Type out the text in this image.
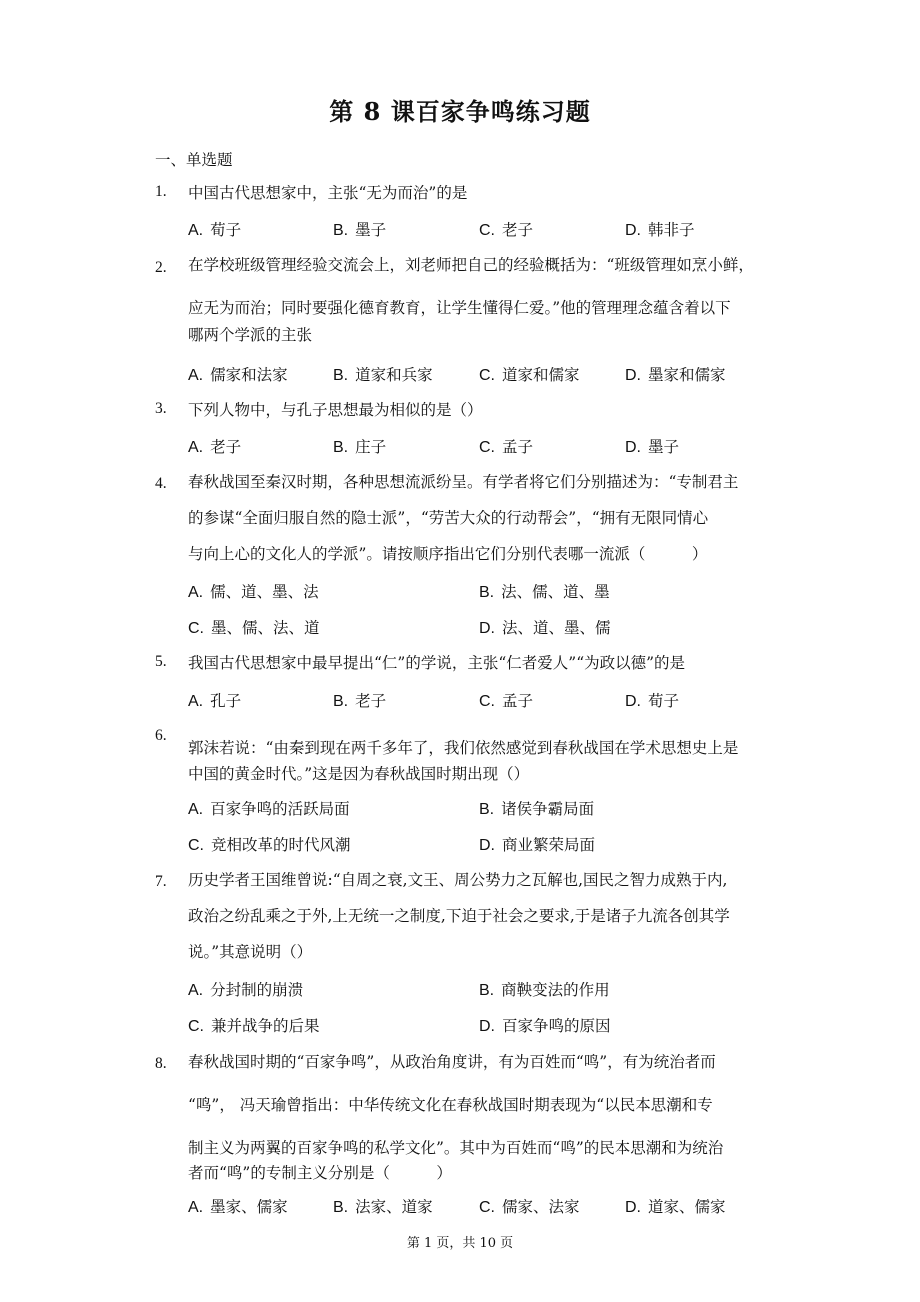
第 8 课百家争鸣练习题
一、单选题
1.	中国古代思想家中，主张“无为而治”的是
A. 荀子	B. 墨子	C. 老子	D. 韩非子
2.	在学校班级管理经验交流会上，刘老师把自己的经验概括为：“班级管理如烹小鲜，
应无为而治；同时要强化德育教育，让学生懂得仁爱。”他的管理理念蕴含着以下
哪两个学派的主张
A. 儒家和法家	B. 道家和兵家	C. 道家和儒家	D. 墨家和儒家
3.	下列人物中，与孔子思想最为相似的是（）
A. 老子	B. 庄子	C. 孟子	D. 墨子
4.	春秋战国至秦汉时期，各种思想流派纷呈。有学者将它们分别描述为：“专制君主
的参谋“全面归服自然的隐士派”，“劳苦大众的行动帮会”，“拥有无限同情心
与向上心的文化人的学派”。请按顺序指出它们分别代表哪一流派（　　　）
A. 儒、道、墨、法	B. 法、儒、道、墨
C. 墨、儒、法、道	D. 法、道、墨、儒
5.	我国古代思想家中最早提出“仁”的学说，主张“仁者爱人”“为政以德”的是
A. 孔子	B. 老子	C. 孟子	D. 荀子
6.
郭沫若说：“由秦到现在两千多年了，我们依然感觉到春秋战国在学术思想史上是
中国的黄金时代。”这是因为春秋战国时期出现（）
A. 百家争鸣的活跃局面	B. 诸侯争霸局面
C. 竞相改革的时代风潮	D. 商业繁荣局面
7.	历史学者王国维曾说:“自周之衰,文王、周公势力之瓦解也,国民之智力成熟于内,
政治之纷乱乘之于外,上无统一之制度,下迫于社会之要求,于是诸子九流各创其学
说。”其意说明（）
A. 分封制的崩溃	B. 商鞅变法的作用
C. 兼并战争的后果	D. 百家争鸣的原因
8.	春秋战国时期的“百家争鸣”，从政治角度讲，有为百姓而“鸣”，有为统治者而
“鸣”， 冯天瑜曾指出：中华传统文化在春秋战国时期表现为“以民本思潮和专
制主义为两翼的百家争鸣的私学文化”。其中为百姓而“鸣”的民本思潮和为统治
者而“鸣”的专制主义分别是（　　　）
A. 墨家、儒家	B. 法家、道家	C. 儒家、法家	D. 道家、儒家
第 1 页，共 10 页
